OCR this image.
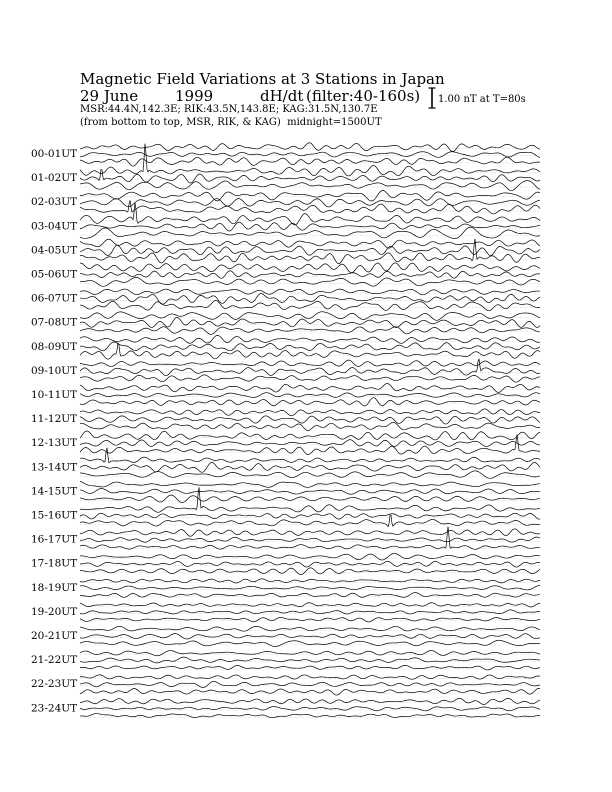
Magnetic Field Variations at 3 Stations in Japan

29 June

1999

	dH/dt

(filter:40-160s)

MSR:44.4N,142.3E; RIK:43.5N,143.8E; KAG:31.5N,130.7E
(from bottom to top, MSR, RIK, & KAG) midnight=1500UT
1.00 nT at T=80s
00-01UT
01-02UT
02-03UT
03-04UT
04-05UT
05-06UT
06-07UT
07-08UT
08-09UT
09-10UT
10-11UT
11-12UT
12-13UT
13-14UT
14-15UT
15-16UT
16-17UT
17-18UT
18-19UT
19-20UT
20-21UT
21-22UT
22-23UT
23-24UT
